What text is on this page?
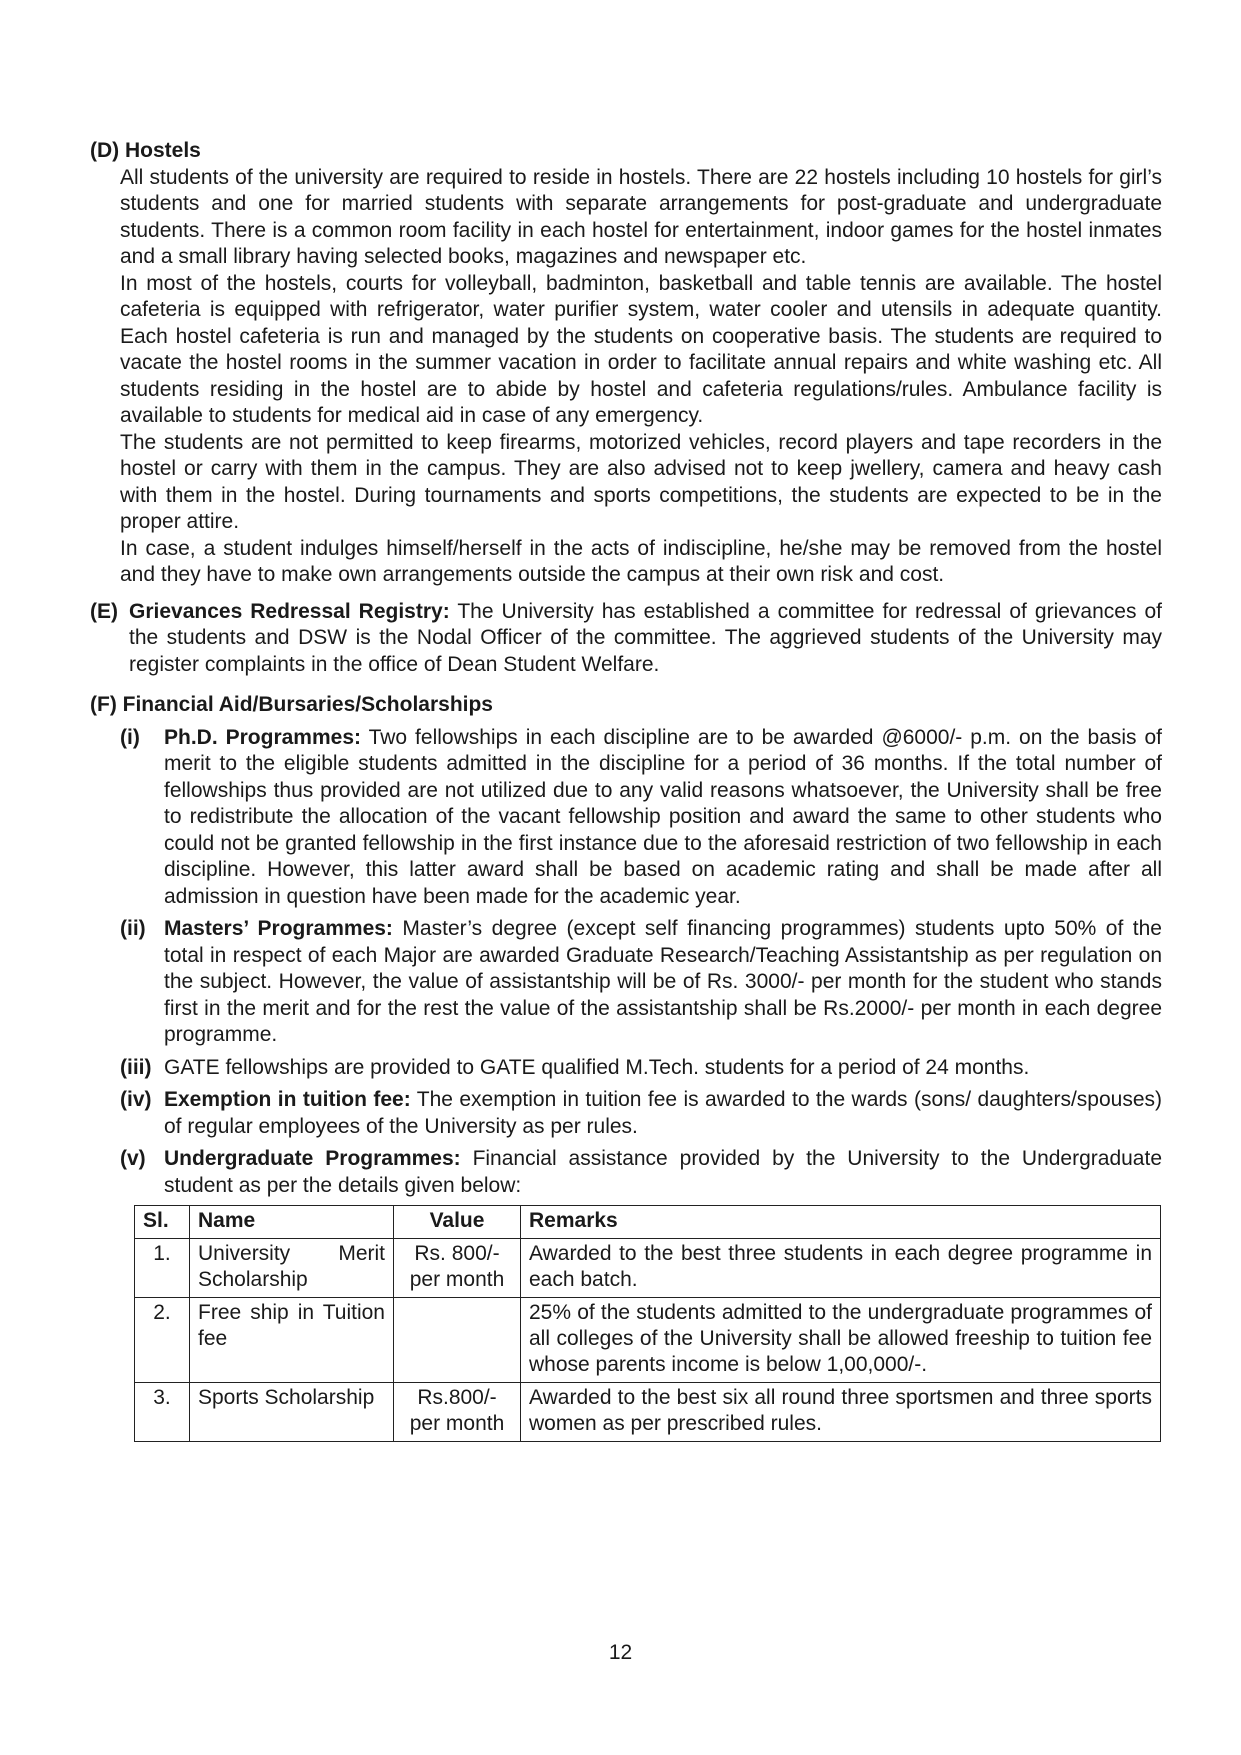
(D) Hostels

All students of the university are required to reside in hostels. There are 22 hostels including 10 hostels for girl’s students and one for married students with separate arrangements for post-graduate and undergraduate students. There is a common room facility in each hostel for entertainment, indoor games for the hostel inmates and a small library having selected books, magazines and newspaper etc.

In most of the hostels, courts for volleyball, badminton, basketball and table tennis are available. The hostel cafeteria is equipped with refrigerator, water purifier system, water cooler and utensils in adequate quantity. Each hostel cafeteria is run and managed by the students on cooperative basis. The students are required to vacate the hostel rooms in the summer vacation in order to facilitate annual repairs and white washing etc. All students residing in the hostel are to abide by hostel and cafeteria regulations/rules. Ambulance facility is available to students for medical aid in case of any emergency.

The students are not permitted to keep firearms, motorized vehicles, record players and tape recorders in the hostel or carry with them in the campus. They are also advised not to keep jwellery, camera and heavy cash with them in the hostel. During tournaments and sports competitions, the students are expected to be in the proper attire.

In case, a student indulges himself/herself in the acts of indiscipline, he/she may be removed from the hostel and they have to make own arrangements outside the campus at their own risk and cost.

(E) Grievances Redressal Registry: The University has established a committee for redressal of grievances of the students and DSW is the Nodal Officer of the committee. The aggrieved students of the University may register complaints in the office of Dean Student Welfare.

(F) Financial Aid/Bursaries/Scholarships

(i)	Ph.D. Programmes: Two fellowships in each discipline are to be awarded @6000/- p.m. on the basis of merit to the eligible students admitted in the discipline for a period of 36 months. If the total number of fellowships thus provided are not utilized due to any valid reasons whatsoever, the University shall be free to redistribute the allocation of the vacant fellowship position and award the same to other students who could not be granted fellowship in the first instance due to the aforesaid restriction of two fellowship in each discipline. However, this latter award shall be based on academic rating and shall be made after all admission in question have been made for the academic year.
(ii) Masters’ Programmes: Master’s degree (except self financing programmes) students upto 50% of the total in respect of each Major are awarded Graduate Research/Teaching Assistantship as per regulation on the subject. However, the value of assistantship will be of Rs. 3000/- per month for the student who stands first in the merit and for the rest the value of the assistantship shall be Rs.2000/- per month in each degree programme.
(iii) GATE fellowships are provided to GATE qualified M.Tech. students for a period of 24 months.
(iv) Exemption in tuition fee: The exemption in tuition fee is awarded to the wards (sons/ daughters/spouses) of regular employees of the University as per rules.
(v) Undergraduate Programmes: Financial assistance provided by the University to the Undergraduate student as per the details given below:
Sl.	Name	Value	Remarks
1.	University Merit Scholarship	Rs. 800/- per month	Awarded to the best three students in each degree programme in each batch.
2.	Free ship in Tuition fee		25% of the students admitted to the undergraduate programmes of all colleges of the University shall be allowed freeship to tuition fee whose parents income is below 1,00,000/-.
3.	Sports Scholarship	Rs.800/- per month	Awarded to the best six all round three sportsmen and three sports women as per prescribed rules.
12
